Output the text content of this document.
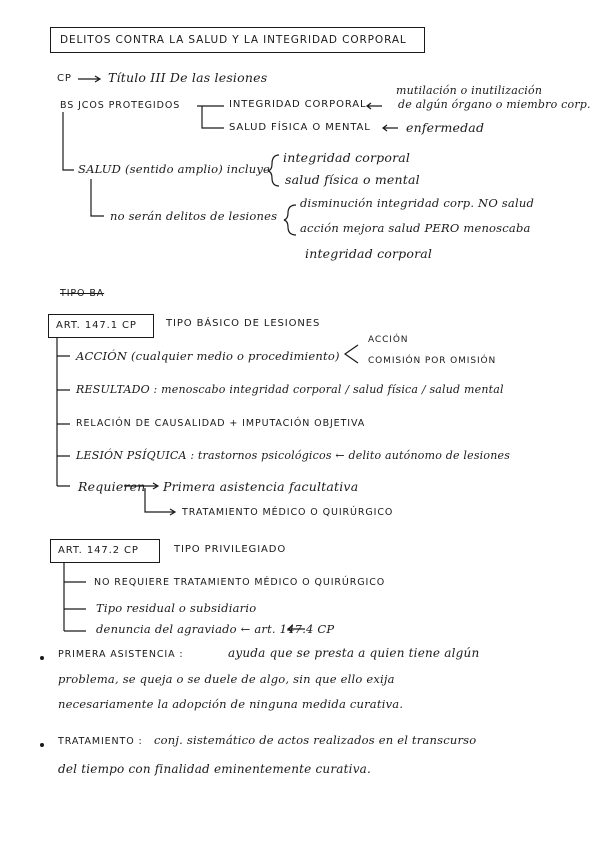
DELITOS CONTRA LA SALUD Y LA INTEGRIDAD CORPORAL
CP	Título III De las lesiones
BS JCOS PROTEGIDOS	INTEGRIDAD CORPORAL
mutilación o inutilización
de algún órgano o miembro corp.
SALUD FÍSICA O MENTAL	enfermedad
SALUD (sentido amplio) incluye
integridad corporal
salud física o mental
no serán delitos de lesiones
disminución integridad corp. NO salud
acción mejora salud PERO menoscaba
integridad corporal
TIPO BA
ART. 147.1 CP	TIPO BÁSICO DE LESIONES
ACCIÓN (cualquier medio o procedimiento)
ACCIÓN
COMISIÓN POR OMISIÓN
RESULTADO : menoscabo integridad corporal / salud física / salud mental
RELACIÓN DE CAUSALIDAD + IMPUTACIÓN OBJETIVA
LESIÓN PSÍQUICA : trastornos psicológicos ← delito autónomo de lesiones
Requieren Primera asistencia facultativa
TRATAMIENTO MÉDICO O QUIRÚRGICO
ART. 147.2 CP	TIPO PRIVILEGIADO
NO REQUIERE TRATAMIENTO MÉDICO O QUIRÚRGICO
Tipo residual o subsidiario
denuncia del agraviado ← art. 147.4 CP
PRIMERA ASISTENCIA :	ayuda que se presta a quien tiene algún
problema, se queja o se duele de algo, sin que ello exija
necesariamente la adopción de ninguna medida curativa.
TRATAMIENTO : conj. sistemático de actos realizados en el transcurso
del tiempo con finalidad eminentemente curativa.
